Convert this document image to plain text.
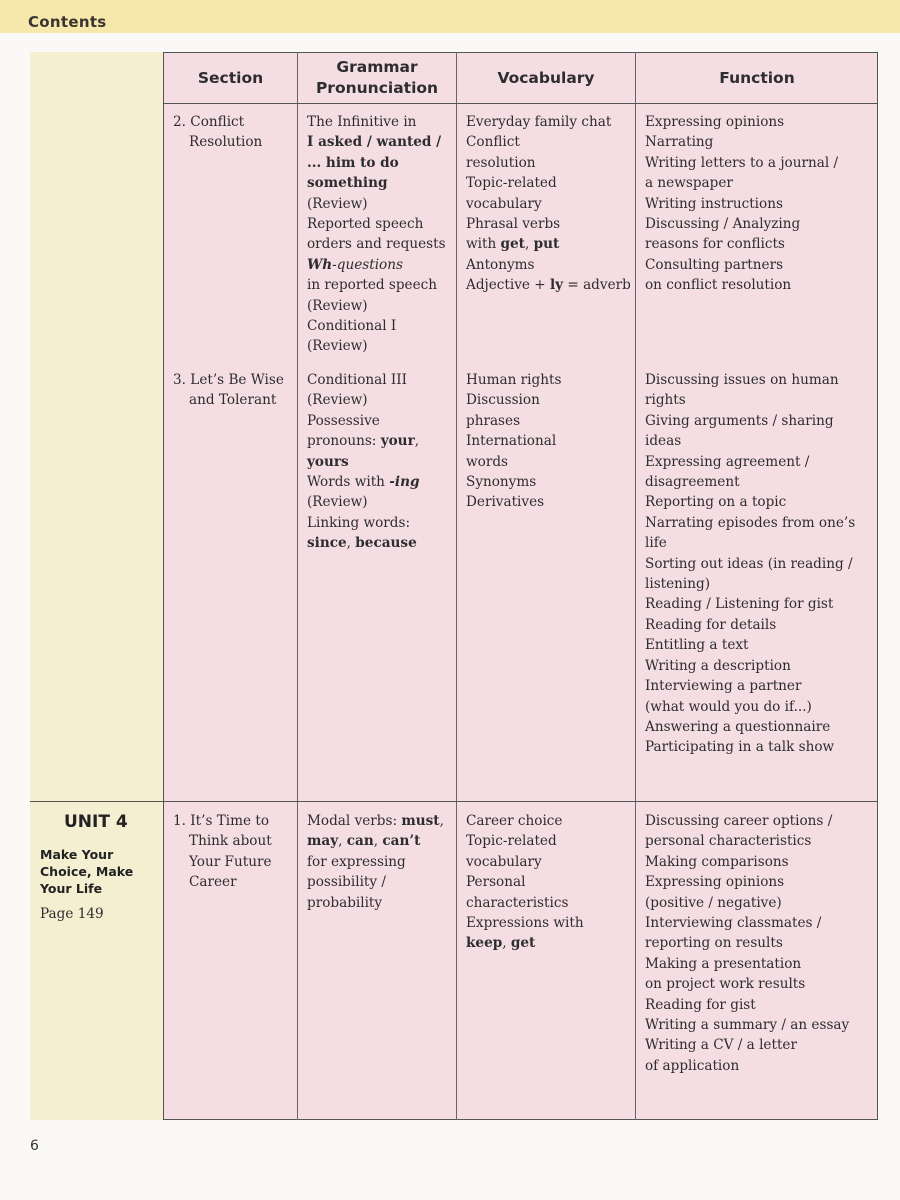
Contents
Section
Grammar
Pronunciation
Vocabulary	Function
UNIT 4
Make Your
Choice, Make
Your Life
Page 149
2. Conflict
Resolution
The Infinitive in
I asked / wanted /
... him to do
something
(Review)
Reported speech
orders and requests
Wh-questions
in reported speech
(Review)
Conditional I
(Review)
Everyday family chat
Conflict
resolution
Topic-related
vocabulary
Phrasal verbs
with get, put
Antonyms
Adjective + ly = adverb
Expressing opinions
Narrating
Writing letters to a journal /
a newspaper
Writing instructions
Discussing / Analyzing
reasons for conflicts
Consulting partners
on conflict resolution
3. Let’s Be Wise
and Tolerant
Conditional III
(Review)
Possessive
pronouns: your,
yours
Words with -ing
(Review)
Linking words:
since, because
Human rights
Discussion
phrases
International
words
Synonyms
Derivatives
Discussing issues on human
rights
Giving arguments / sharing
ideas
Expressing agreement /
disagreement
Reporting on a topic
Narrating episodes from one’s
life
Sorting out ideas (in reading /
listening)
Reading / Listening for gist
Reading for details
Entitling a text
Writing a description
Interviewing a partner
(what would you do if...)
Answering a questionnaire
Participating in a talk show
1. It’s Time to
Think about
Your Future
Career
Modal verbs: must,
may, can, can’t
for expressing
possibility /
probability
Career choice
Topic-related
vocabulary
Personal
characteristics
Expressions with
keep, get
Discussing career options /
personal characteristics
Making comparisons
Expressing opinions
(positive / negative)
Interviewing classmates /
reporting on results
Making a presentation
on project work results
Reading for gist
Writing a summary / an essay
Writing a CV / a letter
of application
6
